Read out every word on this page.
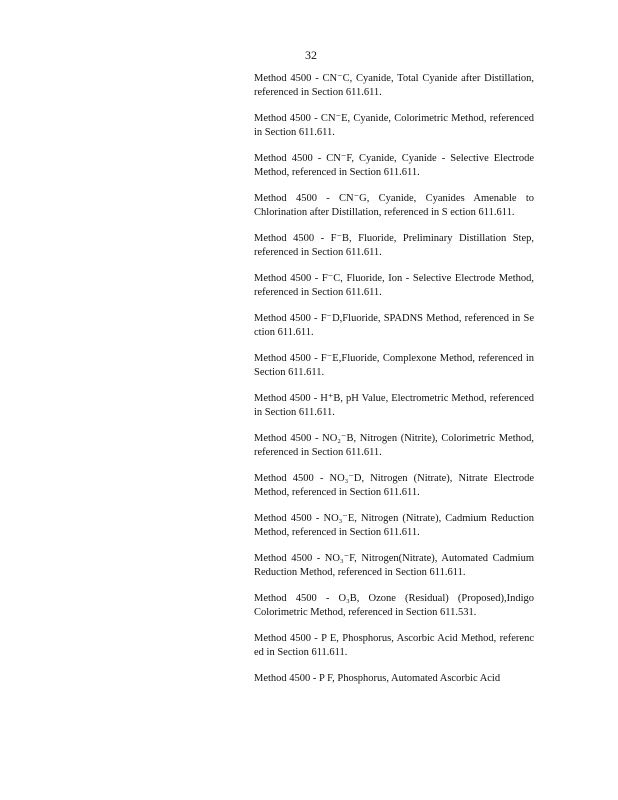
32

Method 4500 - CN⁻C, Cyanide, Total Cyanide after Distillation, referenced in Section 611.611.

Method 4500 - CN⁻E, Cyanide, Colorimetric Method, referenced in Section 611.611.

Method 4500 - CN⁻F, Cyanide, Cyanide - Selective Electrode Method, referenced in Section 611.611.

Method 4500 - CN⁻G, Cyanide, Cyanides Amenable to Chlorination after Distillation, referenced in S ection 611.611.

Method 4500 - F⁻B, Fluoride, Preliminary Distillation Step, referenced in Section 611.611.

Method 4500 - F⁻C, Fluoride, Ion - Selective Electrode Method, referenced in Section 611.611.

Method 4500 - F⁻D,Fluoride, SPADNS Method, referenced in Se ction 611.611.

Method 4500 - F⁻E,Fluoride, Complexone Method, referenced in Section 611.611.

Method 4500 - H⁺B, pH Value, Electrometric Method, referenced in Section 611.611.

Method 4500 - NO₂⁻B, Nitrogen (Nitrite), Colorimetric Method, referenced in Section 611.611.

Method 4500 - NO₃⁻D, Nitrogen (Nitrate), Nitrate Electrode Method, referenced in Section 611.611.

Method 4500 - NO₃⁻E, Nitrogen (Nitrate), Cadmium Reduction Method, referenced in Section 611.611.

Method 4500 - NO₃⁻F, Nitrogen(Nitrate), Automated Cadmium Reduction Method, referenced in Section 611.611.

Method 4500 - O₃B, Ozone (Residual) (Proposed),Indigo Colorimetric Method, referenced in Section 611.531.

Method 4500 - P E, Phosphorus, Ascorbic Acid Method, referenc ed in Section 611.611.

Method 4500 - P F, Phosphorus, Automated Ascorbic Acid
